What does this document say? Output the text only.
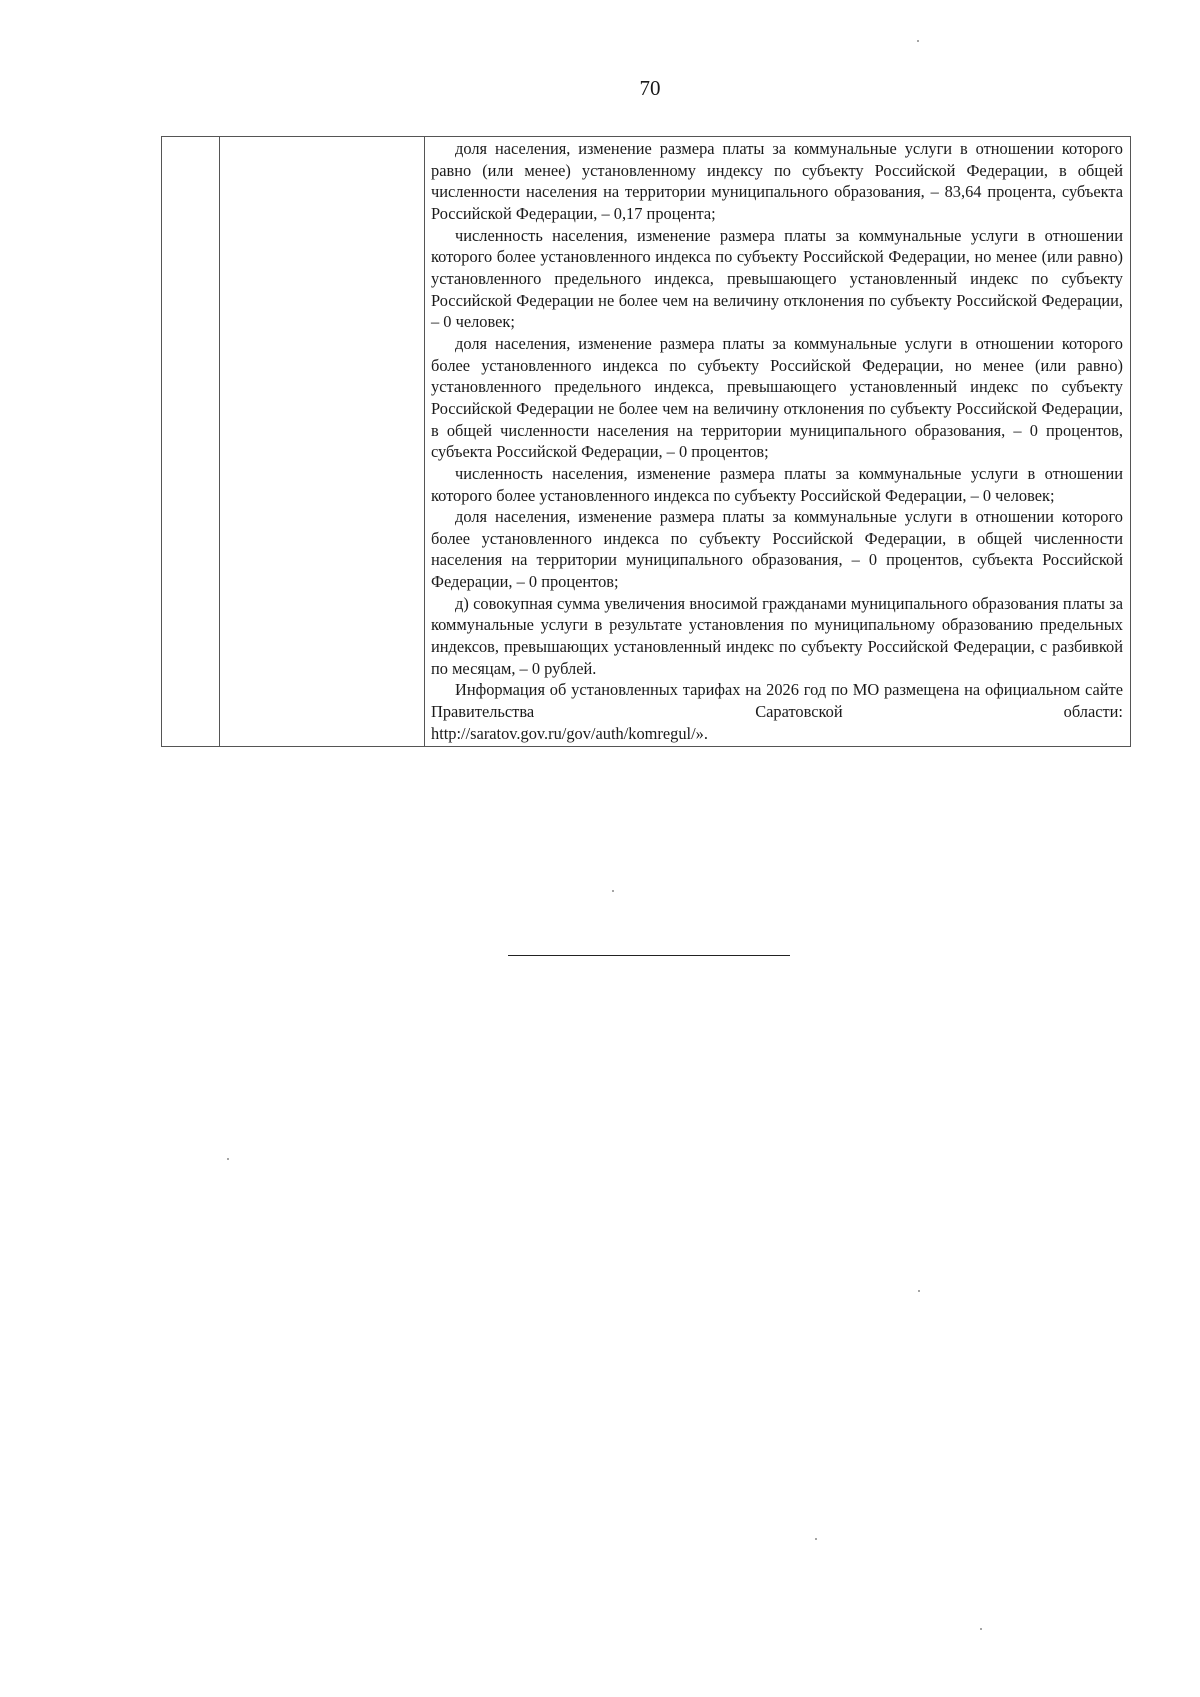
70

доля населения, изменение размера платы за коммунальные услуги в отношении которого равно (или менее) установленному индексу по субъекту Российской Федерации, в общей численности населения на территории муниципального образования, – 83,64 процента, субъекта Российской Федерации, – 0,17 процента;

численность населения, изменение размера платы за коммунальные услуги в отношении которого более установленного индекса по субъекту Российской Федерации, но менее (или равно) установленного предельного индекса, превышающего установленный индекс по субъекту Российской Федерации не более чем на величину отклонения по субъекту Российской Федерации, – 0 человек;

доля населения, изменение размера платы за коммунальные услуги в отношении которого более установленного индекса по субъекту Российской Федерации, но менее (или равно) установленного предельного индекса, превышающего установленный индекс по субъекту Российской Федерации не более чем на величину отклонения по субъекту Российской Федерации, в общей численности населения на территории муниципального образования, – 0 процентов, субъекта Российской Федерации, – 0 процентов;

численность населения, изменение размера платы за коммунальные услуги в отношении которого более установленного индекса по субъекту Российской Федерации, – 0 человек;

доля населения, изменение размера платы за коммунальные услуги в отношении которого более установленного индекса по субъекту Российской Федерации, в общей численности населения на территории муниципального образования, – 0 процентов, субъекта Российской Федерации, – 0 процентов;

д) совокупная сумма увеличения вносимой гражданами муниципального образования платы за коммунальные услуги в результате установления по муниципальному образованию предельных индексов, превышающих установленный индекс по субъекту Российской Федерации, с разбивкой по месяцам, – 0 рублей.

Информация об установленных тарифах на 2026 год по МО размещена на официальном сайте Правительства Саратовской области:

http://saratov.gov.ru/gov/auth/komregul/».
